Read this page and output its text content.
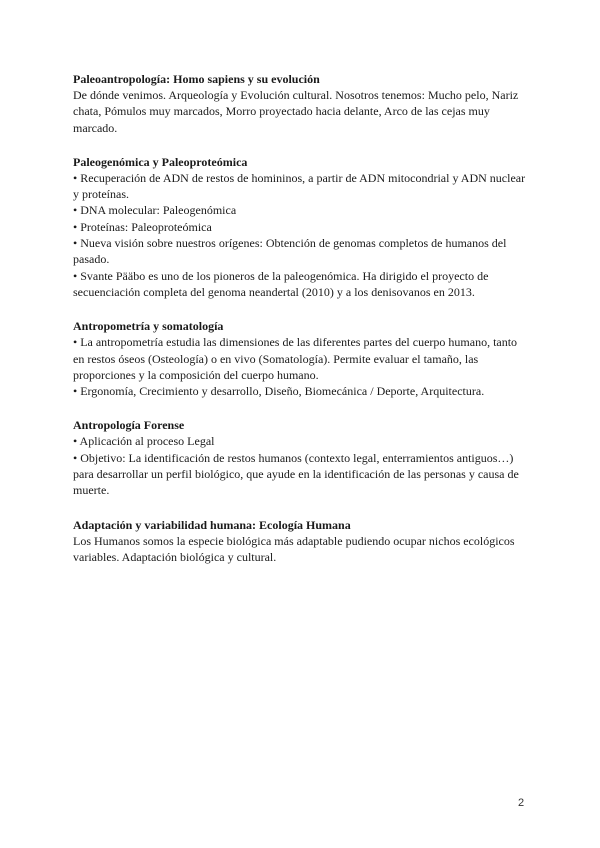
Paleoantropología: Homo sapiens y su evolución

De dónde venimos. Arqueología y Evolución cultural. Nosotros tenemos: Mucho pelo, Nariz chata, Pómulos muy marcados, Morro proyectado hacia delante, Arco de las cejas muy marcado.

Paleogenómica y Paleoproteómica

• Recuperación de ADN de restos de homininos, a partir de ADN mitocondrial y ADN nuclear y proteínas.

• DNA molecular: Paleogenómica

• Proteínas: Paleoproteómica

• Nueva visión sobre nuestros orígenes: Obtención de genomas completos de humanos del pasado.

• Svante Pääbo es uno de los pioneros de la paleogenómica. Ha dirigido el proyecto de secuenciación completa del genoma neandertal (2010) y a los denisovanos en 2013.

Antropometría y somatología

• La antropometría estudia las dimensiones de las diferentes partes del cuerpo humano, tanto en restos óseos (Osteología) o en vivo (Somatología). Permite evaluar el tamaño, las proporciones y la composición del cuerpo humano.

• Ergonomía, Crecimiento y desarrollo, Diseño, Biomecánica / Deporte, Arquitectura.

Antropología Forense

• Aplicación al proceso Legal

• Objetivo: La identificación de restos humanos (contexto legal, enterramientos antiguos…) para desarrollar un perfil biológico, que ayude en la identificación de las personas y causa de muerte.

Adaptación y variabilidad humana: Ecología Humana

Los Humanos somos la especie biológica más adaptable pudiendo ocupar nichos ecológicos variables. Adaptación biológica y cultural.

2
